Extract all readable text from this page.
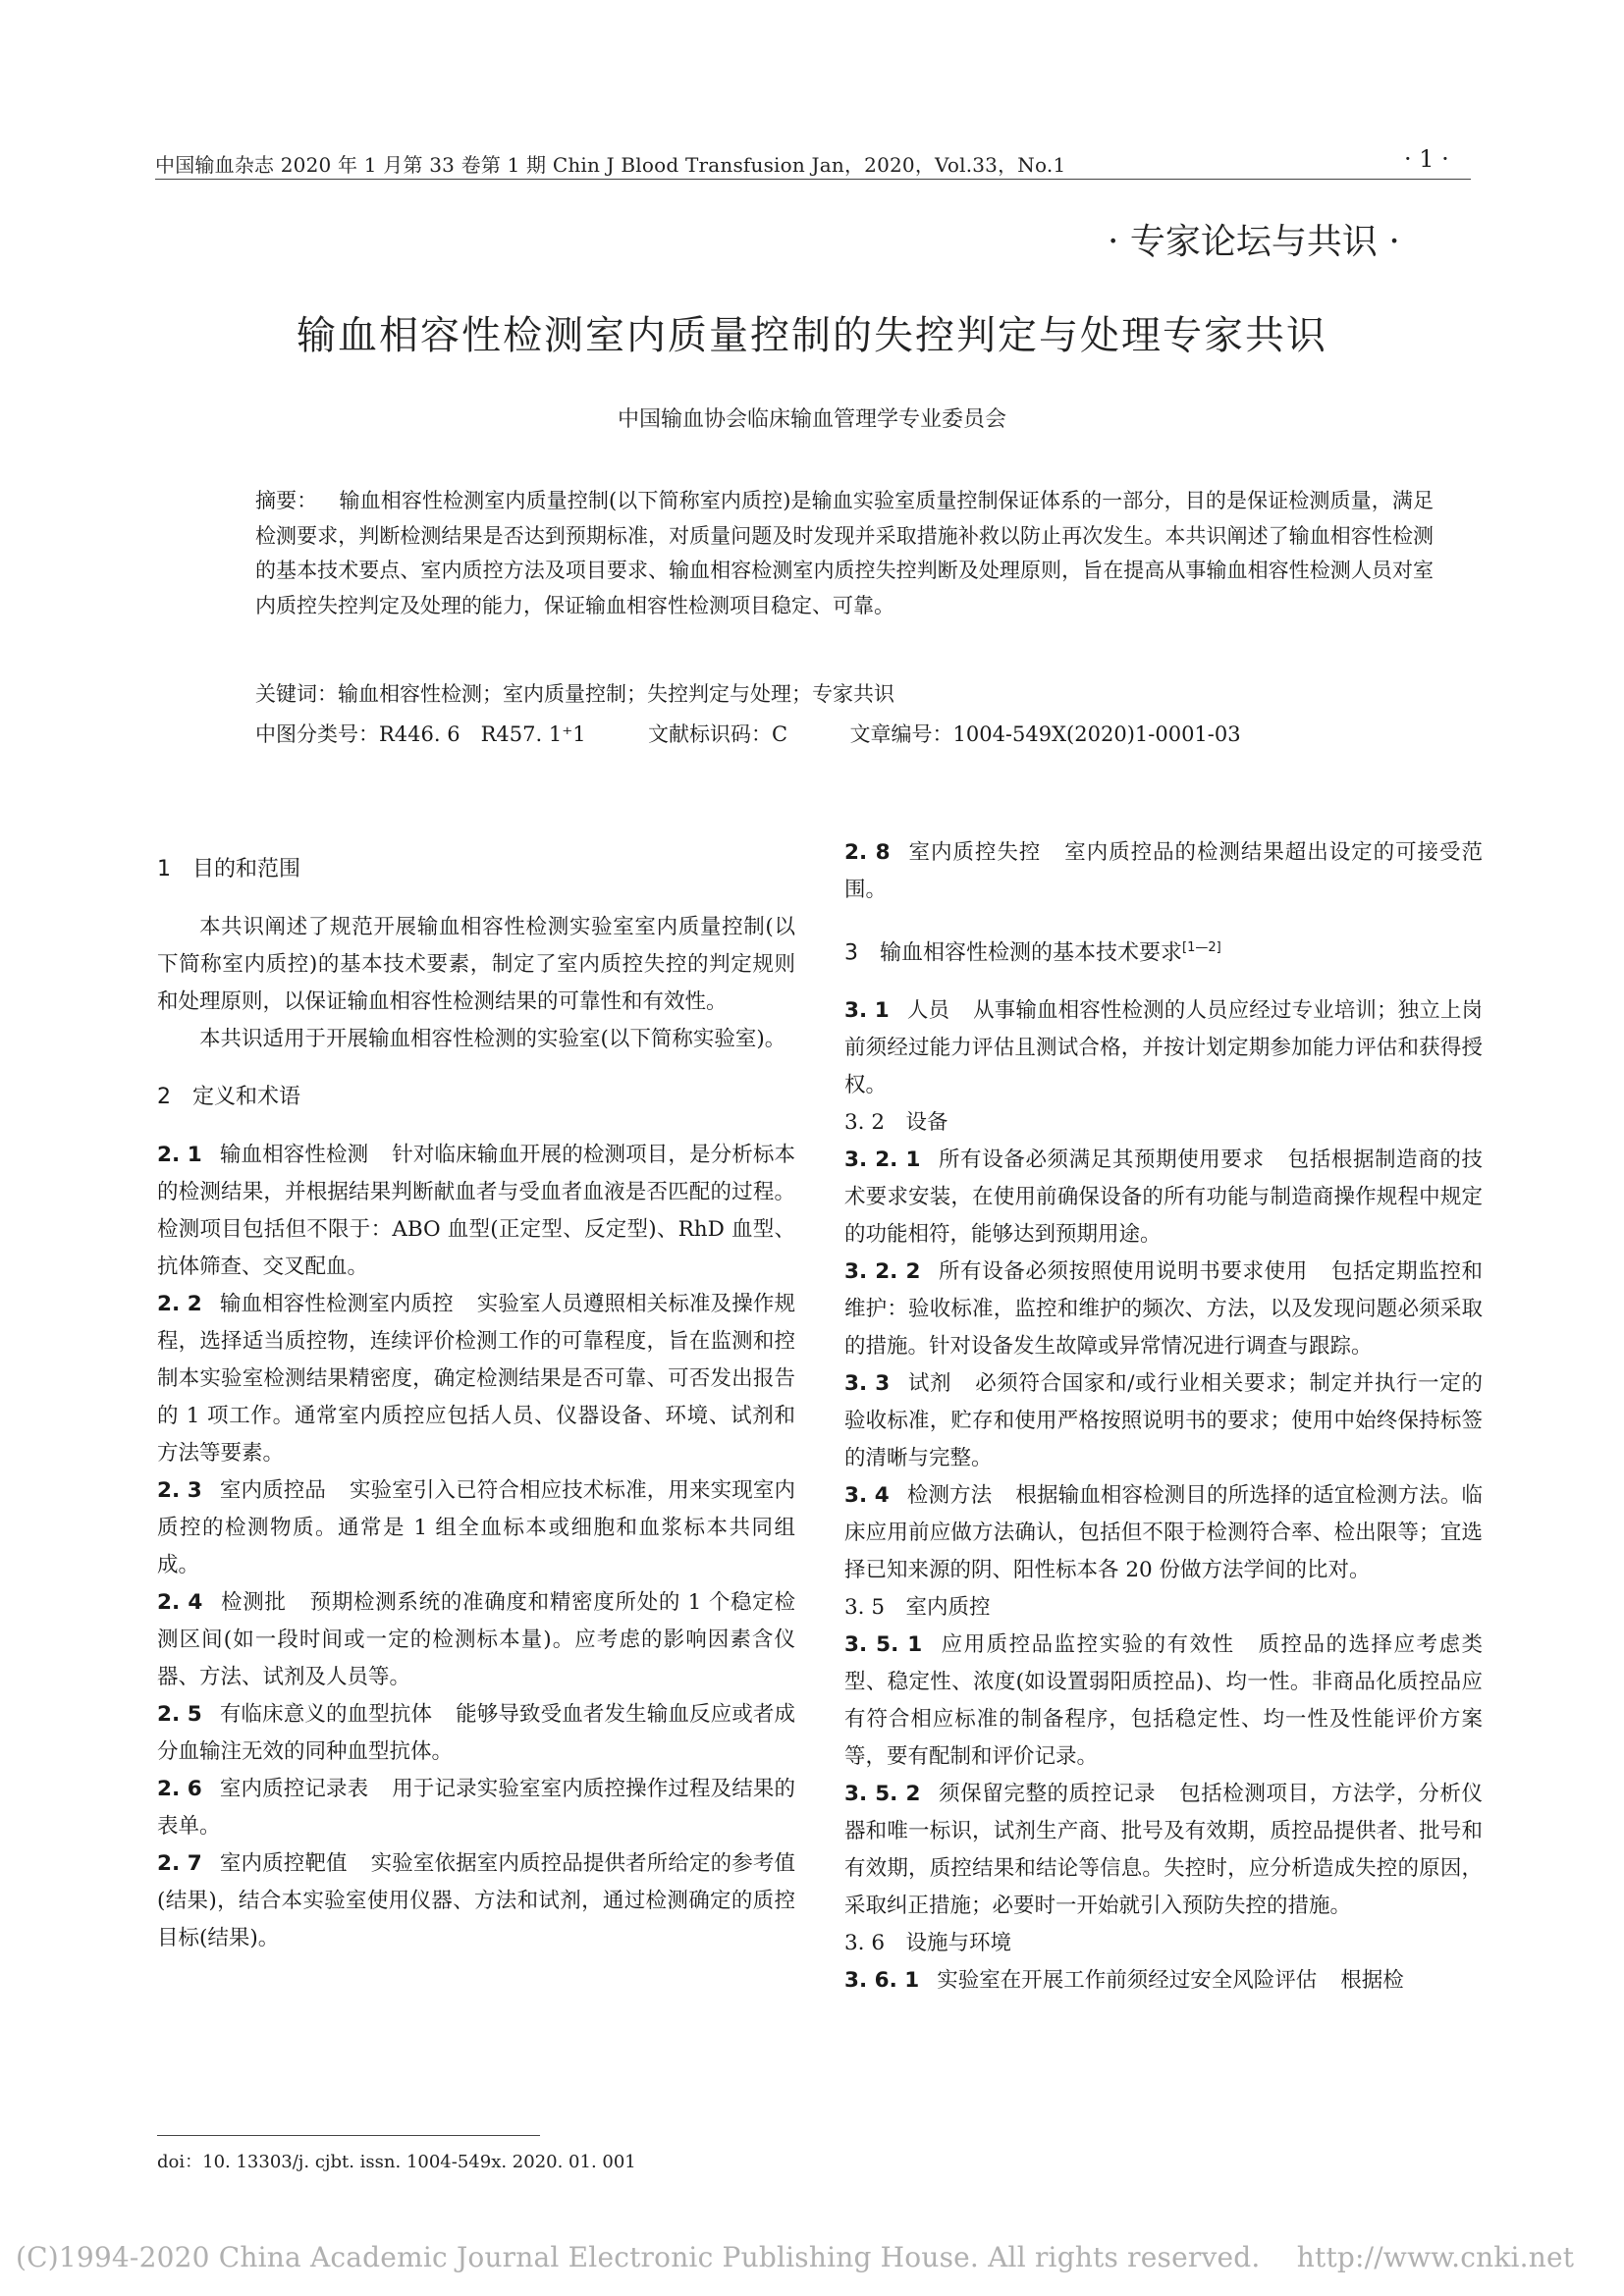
中国输血杂志 2020 年 1 月第 33 卷第 1 期 Chin J Blood Transfusion Jan，2020，Vol.33，No.1	· 1 ·
· 专家论坛与共识 ·
输血相容性检测室内质量控制的失控判定与处理专家共识
中国输血协会临床输血管理学专业委员会
摘要： 输血相容性检测室内质量控制(以下简称室内质控)是输血实验室质量控制保证体系的一部分，目的是保证检测质量，满足检测要求，判断检测结果是否达到预期标准，对质量问题及时发现并采取措施补救以防止再次发生。本共识阐述了输血相容性检测的基本技术要点、室内质控方法及项目要求、输血相容检测室内质控失控判断及处理原则，旨在提高从事输血相容性检测人员对室内质控失控判定及处理的能力，保证输血相容性检测项目稳定、可靠。
关键词：输血相容性检测；室内质量控制；失控判定与处理；专家共识
中图分类号：R446. 6　R457. 1⁺1	文献标识码：C	文章编号：1004-549X(2020)1-0001-03
1　目的和范围

本共识阐述了规范开展输血相容性检测实验室室内质量控制(以下简称室内质控)的基本技术要素，制定了室内质控失控的判定规则和处理原则，以保证输血相容性检测结果的可靠性和有效性。

本共识适用于开展输血相容性检测的实验室(以下简称实验室)。

2　定义和术语

2. 1 输血相容性检测 针对临床输血开展的检测项目，是分析标本的检测结果，并根据结果判断献血者与受血者血液是否匹配的过程。检测项目包括但不限于：ABO 血型(正定型、反定型)、RhD 血型、抗体筛查、交叉配血。

2. 2 输血相容性检测室内质控 实验室人员遵照相关标准及操作规程，选择适当质控物，连续评价检测工作的可靠程度，旨在监测和控制本实验室检测结果精密度，确定检测结果是否可靠、可否发出报告的 1 项工作。通常室内质控应包括人员、仪器设备、环境、试剂和方法等要素。

2. 3 室内质控品 实验室引入已符合相应技术标准，用来实现室内质控的检测物质。通常是 1 组全血标本或细胞和血浆标本共同组成。

2. 4 检测批 预期检测系统的准确度和精密度所处的 1 个稳定检测区间(如一段时间或一定的检测标本量)。应考虑的影响因素含仪器、方法、试剂及人员等。

2. 5 有临床意义的血型抗体 能够导致受血者发生输血反应或者成分血输注无效的同种血型抗体。

2. 6 室内质控记录表 用于记录实验室室内质控操作过程及结果的表单。

2. 7 室内质控靶值 实验室依据室内质控品提供者所给定的参考值(结果)，结合本实验室使用仪器、方法和试剂，通过检测确定的质控目标(结果)。

2. 8 室内质控失控 室内质控品的检测结果超出设定的可接受范围。

3　输血相容性检测的基本技术要求[1—2]

3. 1 人员 从事输血相容性检测的人员应经过专业培训；独立上岗前须经过能力评估且测试合格，并按计划定期参加能力评估和获得授权。

3. 2　设备

3. 2. 1 所有设备必须满足其预期使用要求 包括根据制造商的技术要求安装，在使用前确保设备的所有功能与制造商操作规程中规定的功能相符，能够达到预期用途。

3. 2. 2 所有设备必须按照使用说明书要求使用 包括定期监控和维护：验收标准，监控和维护的频次、方法，以及发现问题必须采取的措施。针对设备发生故障或异常情况进行调查与跟踪。

3. 3 试剂 必须符合国家和/或行业相关要求；制定并执行一定的验收标准，贮存和使用严格按照说明书的要求；使用中始终保持标签的清晰与完整。

3. 4 检测方法 根据输血相容检测目的所选择的适宜检测方法。临床应用前应做方法确认，包括但不限于检测符合率、检出限等；宜选择已知来源的阴、阳性标本各 20 份做方法学间的比对。

3. 5　室内质控

3. 5. 1 应用质控品监控实验的有效性 质控品的选择应考虑类型、稳定性、浓度(如设置弱阳质控品)、均一性。非商品化质控品应有符合相应标准的制备程序，包括稳定性、均一性及性能评价方案等，要有配制和评价记录。

3. 5. 2 须保留完整的质控记录 包括检测项目，方法学，分析仪器和唯一标识，试剂生产商、批号及有效期，质控品提供者、批号和有效期，质控结果和结论等信息。失控时，应分析造成失控的原因，采取纠正措施；必要时一开始就引入预防失控的措施。

3. 6　设施与环境

3. 6. 1 实验室在开展工作前须经过安全风险评估 根据检

doi：10. 13303/j. cjbt. issn. 1004-549x. 2020. 01. 001
(C)1994-2020 China Academic Journal Electronic Publishing House. All rights reserved.　 http://www.cnki.net
